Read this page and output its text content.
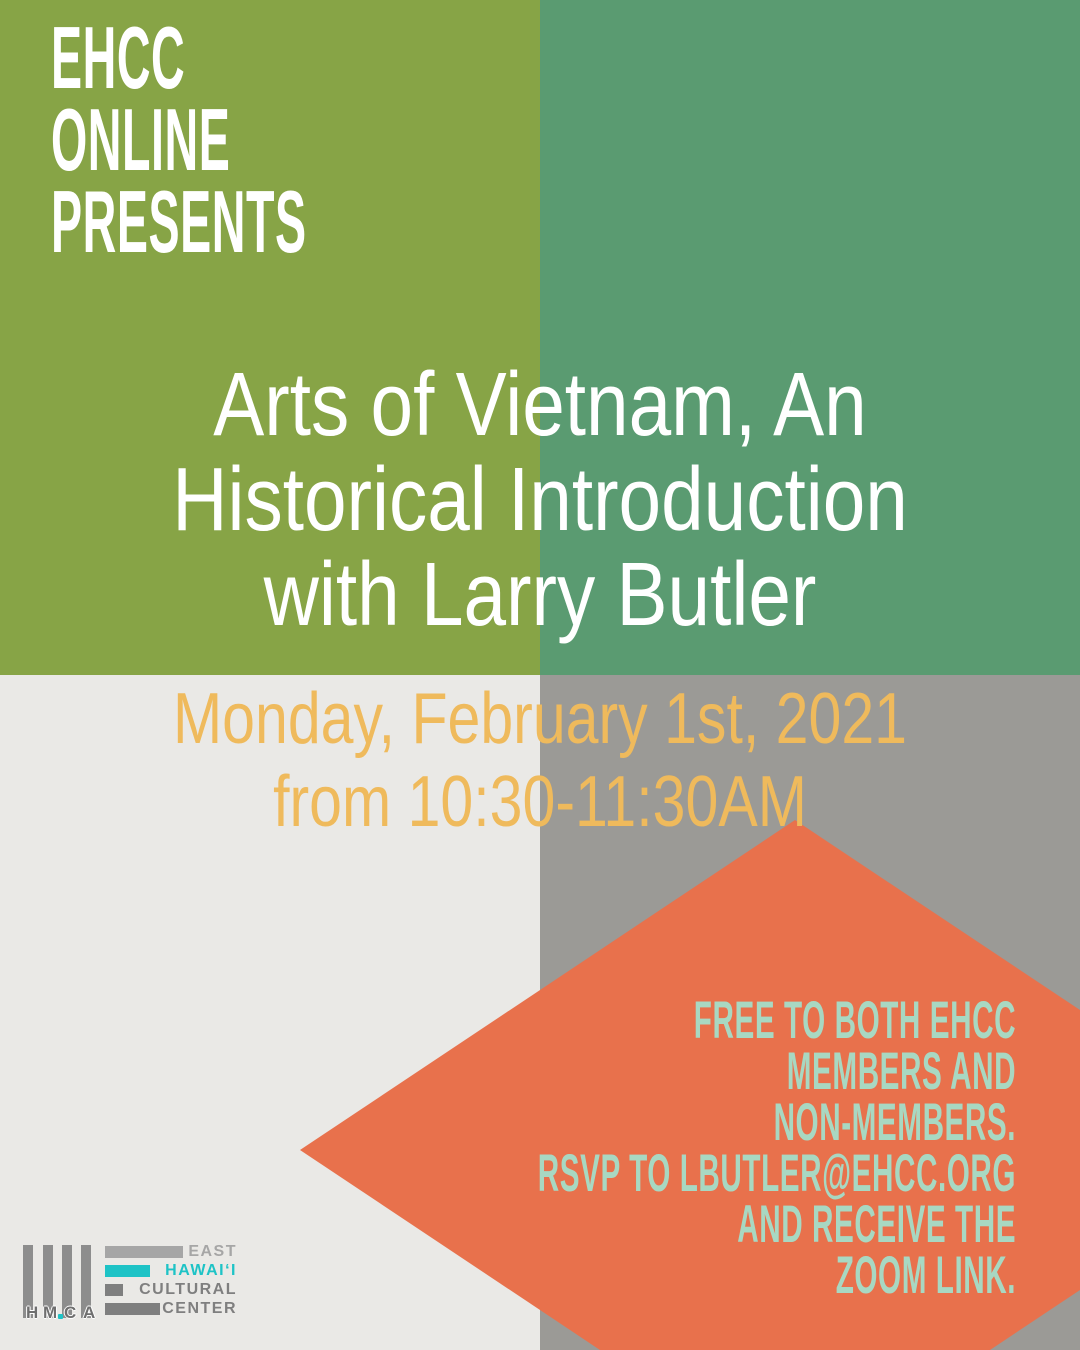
EHCC
ONLINE
PRESENTS
Arts of Vietnam, An
Historical Introduction
with Larry Butler
Monday, February 1st, 2021
from 10:30-11:30AM
FREE TO BOTH EHCC
MEMBERS AND
NON-MEMBERS.
RSVP TO LBUTLER@EHCC.ORG
AND RECEIVE THE
ZOOM LINK.
H M C A
EAST
HAWAIʻI
CULTURAL
CENTER
